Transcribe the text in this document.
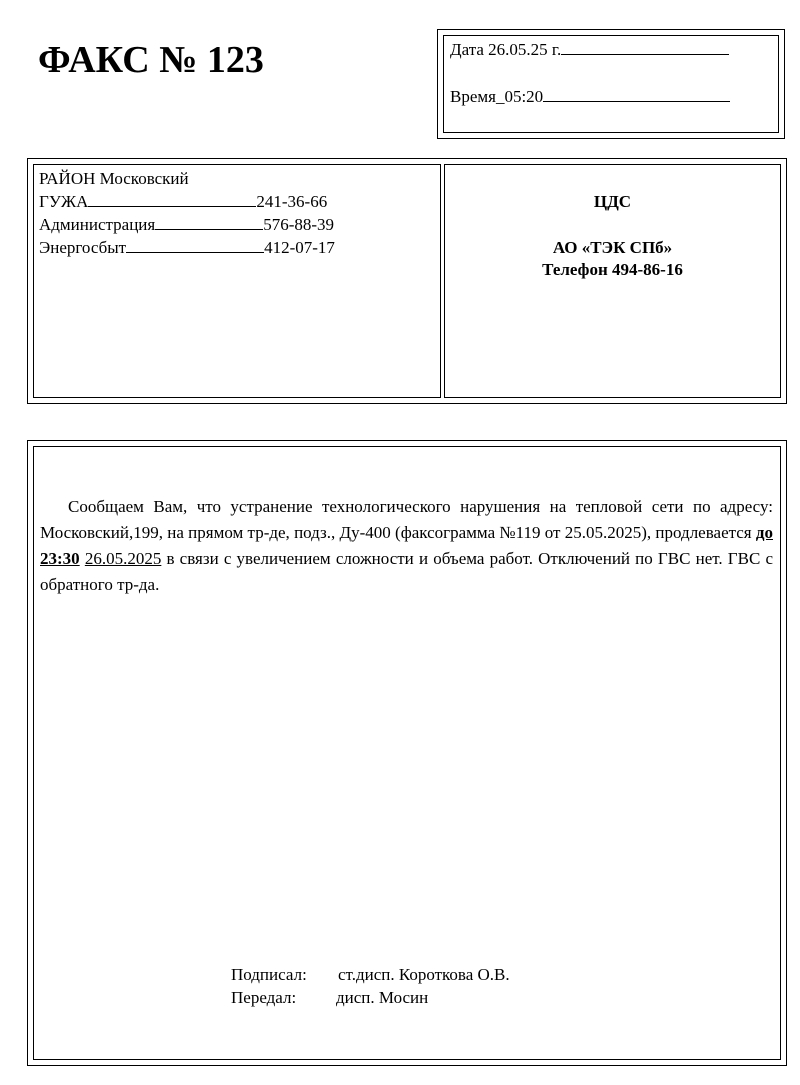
ФАКС № 123	Дата 26.05.25 г.
Время_05:20
РАЙОН Московский
ГУЖА	241-36-66
Администрация	576-88-39
Энергосбыт	412-07-17
ЦДС
АО «ТЭК СПб»
Телефон 494-86-16
Сообщаем Вам, что устранение технологического нарушения на тепловой сети по адресу: Московский,199, на прямом тр-де, подз., Ду-400 (факсограмма №119 от 25.05.2025), продлевается до 23:30 26.05.2025 в связи с увеличением сложности и объема работ. Отключений по ГВС нет. ГВС с обратного тр-да.
Подписал: ст.дисп. Короткова О.В.
Передал: дисп. Мосин
